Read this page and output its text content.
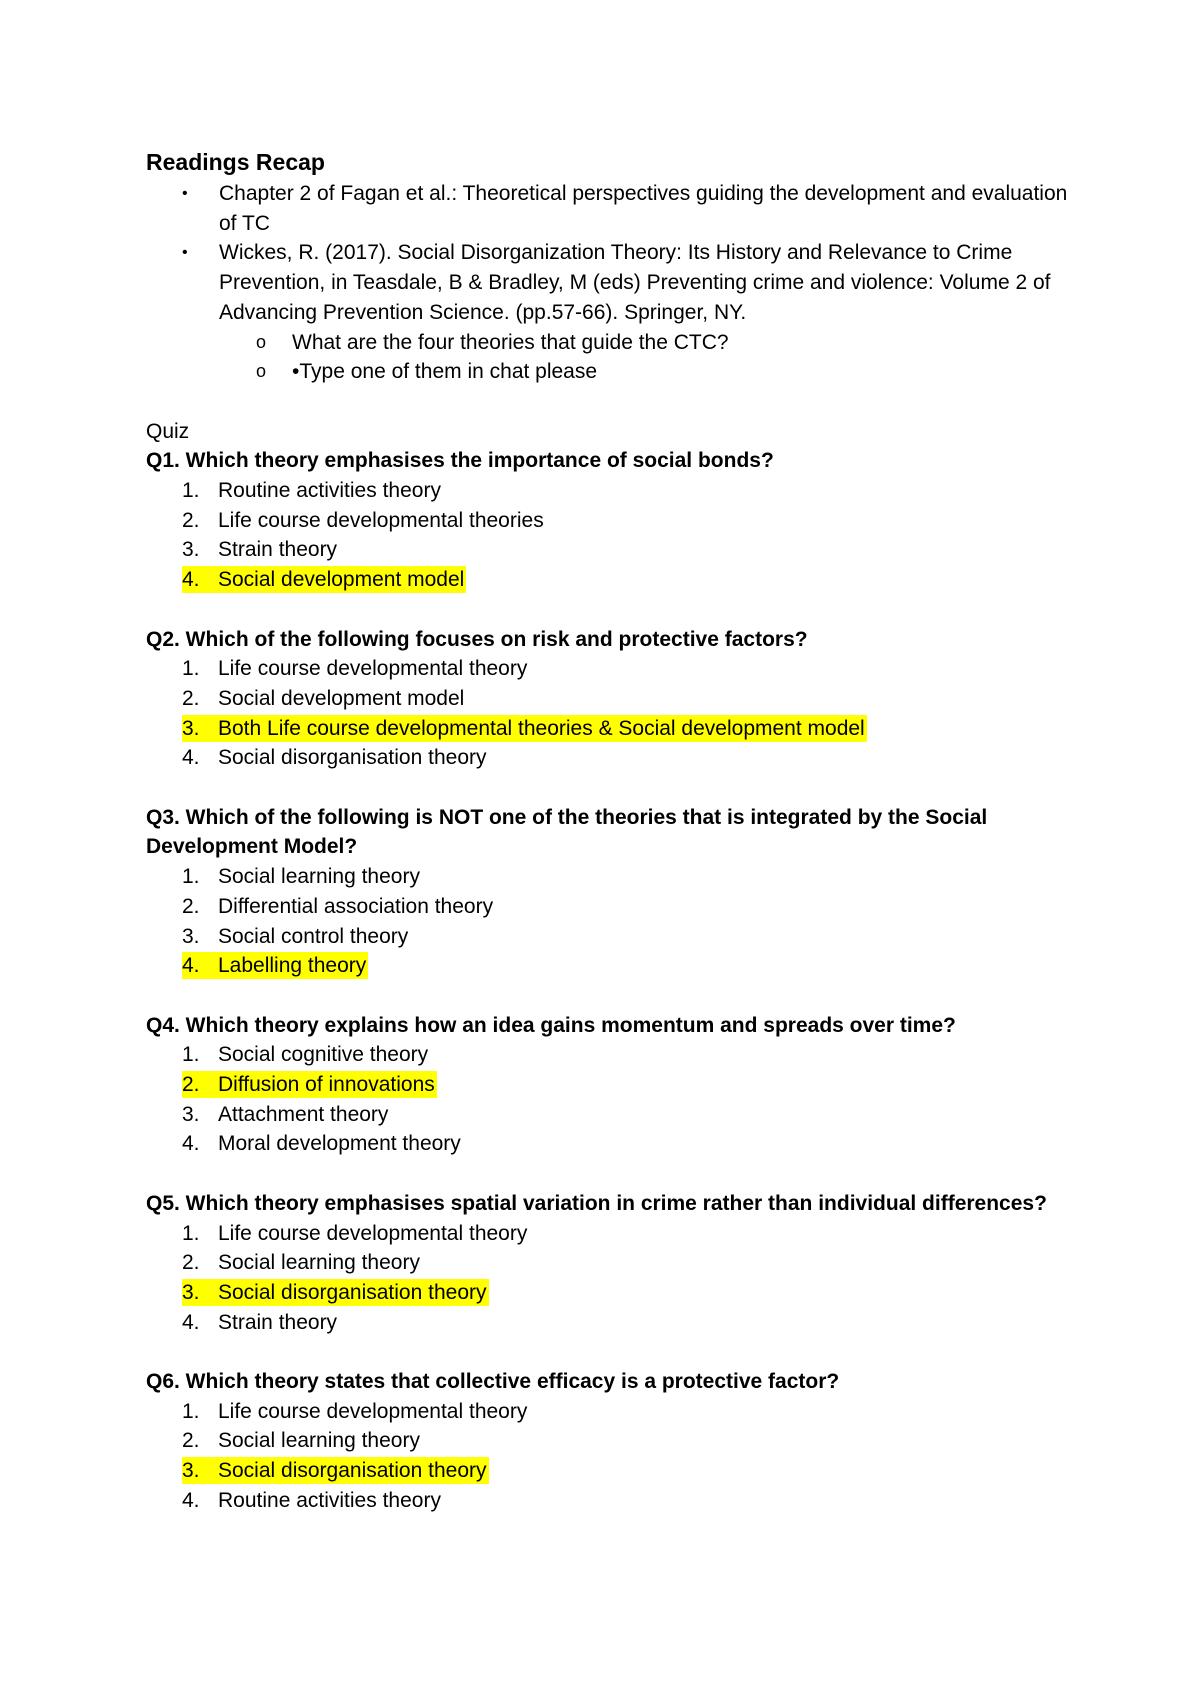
Readings Recap
•	Chapter 2 of Fagan et al.: Theoretical perspectives guiding the development and evaluation of TC
•	Wickes, R. (2017). Social Disorganization Theory: Its History and Relevance to Crime Prevention, in Teasdale, B & Bradley, M (eds) Preventing crime and violence: Volume 2 of Advancing Prevention Science. (pp.57-66). Springer, NY.
o	What are the four theories that guide the CTC?
o	•Type one of them in chat please
Quiz
Q1. Which theory emphasises the importance of social bonds?
1. Routine activities theory
2. Life course developmental theories
3. Strain theory
4. Social development model
Q2. Which of the following focuses on risk and protective factors?
1. Life course developmental theory
2. Social development model
3. Both Life course developmental theories & Social development model
4. Social disorganisation theory
Q3. Which of the following is NOT one of the theories that is integrated by the Social Development Model?
1. Social learning theory
2. Differential association theory
3. Social control theory
4. Labelling theory
Q4. Which theory explains how an idea gains momentum and spreads over time?
1. Social cognitive theory
2. Diffusion of innovations
3. Attachment theory
4. Moral development theory
Q5. Which theory emphasises spatial variation in crime rather than individual differences?
1. Life course developmental theory
2. Social learning theory
3. Social disorganisation theory
4. Strain theory
Q6. Which theory states that collective efficacy is a protective factor?
1. Life course developmental theory
2. Social learning theory
3. Social disorganisation theory
4. Routine activities theory
